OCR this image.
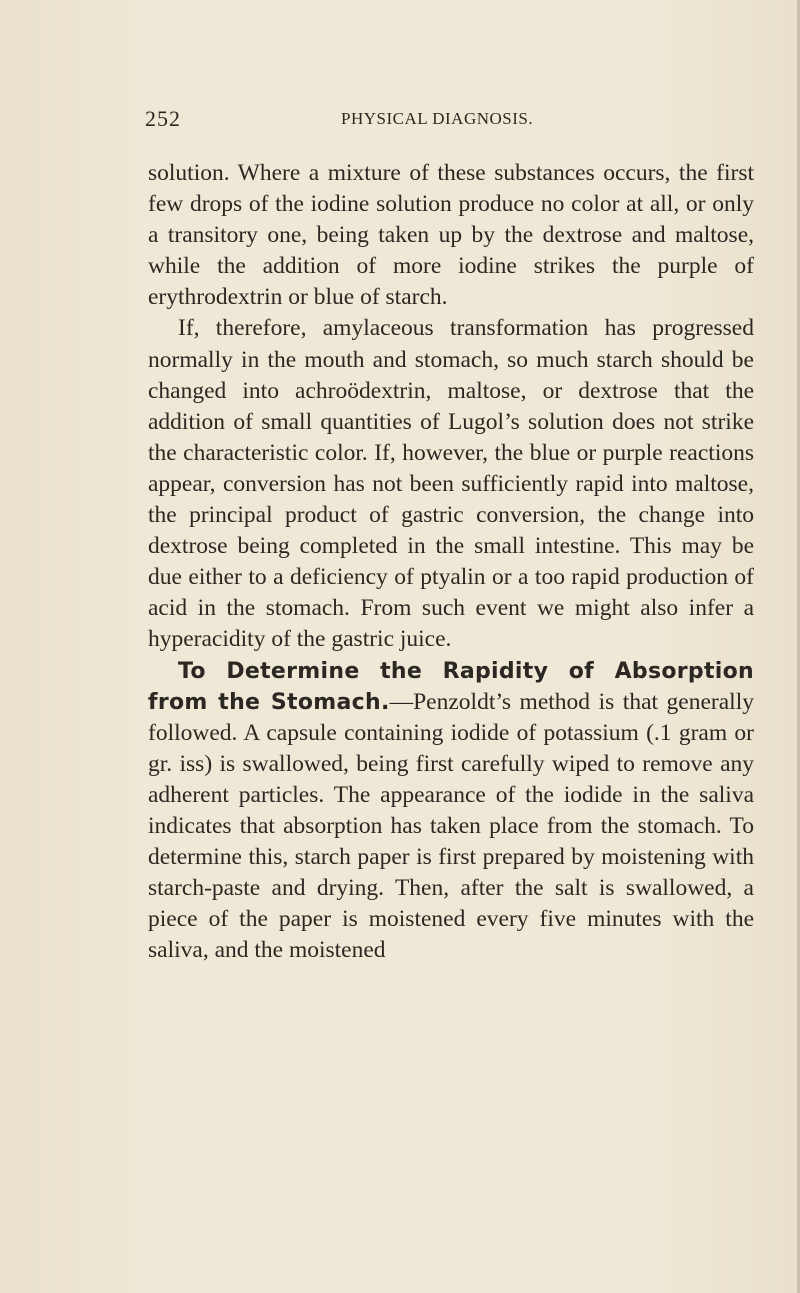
252	PHYSICAL DIAGNOSIS.

solution. Where a mixture of these substances occurs, the first few drops of the iodine solution produce no color at all, or only a transitory one, being taken up by the dextrose and maltose, while the addition of more iodine strikes the purple of erythrodextrin or blue of starch.

If, therefore, amylaceous transformation has progressed normally in the mouth and stomach, so much starch should be changed into achroödextrin, maltose, or dextrose that the addition of small quantities of Lugol’s solution does not strike the characteristic color. If, however, the blue or purple reactions appear, conversion has not been sufficiently rapid into maltose, the principal product of gastric conversion, the change into dextrose being completed in the small intestine. This may be due either to a deficiency of ptyalin or a too rapid production of acid in the stomach. From such event we might also infer a hyperacidity of the gastric juice.

To Determine the Rapidity of Absorption from the Stomach.—Penzoldt’s method is that generally followed. A capsule containing iodide of potassium (.1 gram or gr. iss) is swallowed, being first carefully wiped to remove any adherent particles. The appearance of the iodide in the saliva indicates that absorption has taken place from the stomach. To determine this, starch paper is first prepared by moistening with starch-paste and drying. Then, after the salt is swallowed, a piece of the paper is moistened every five minutes with the saliva, and the moistened
